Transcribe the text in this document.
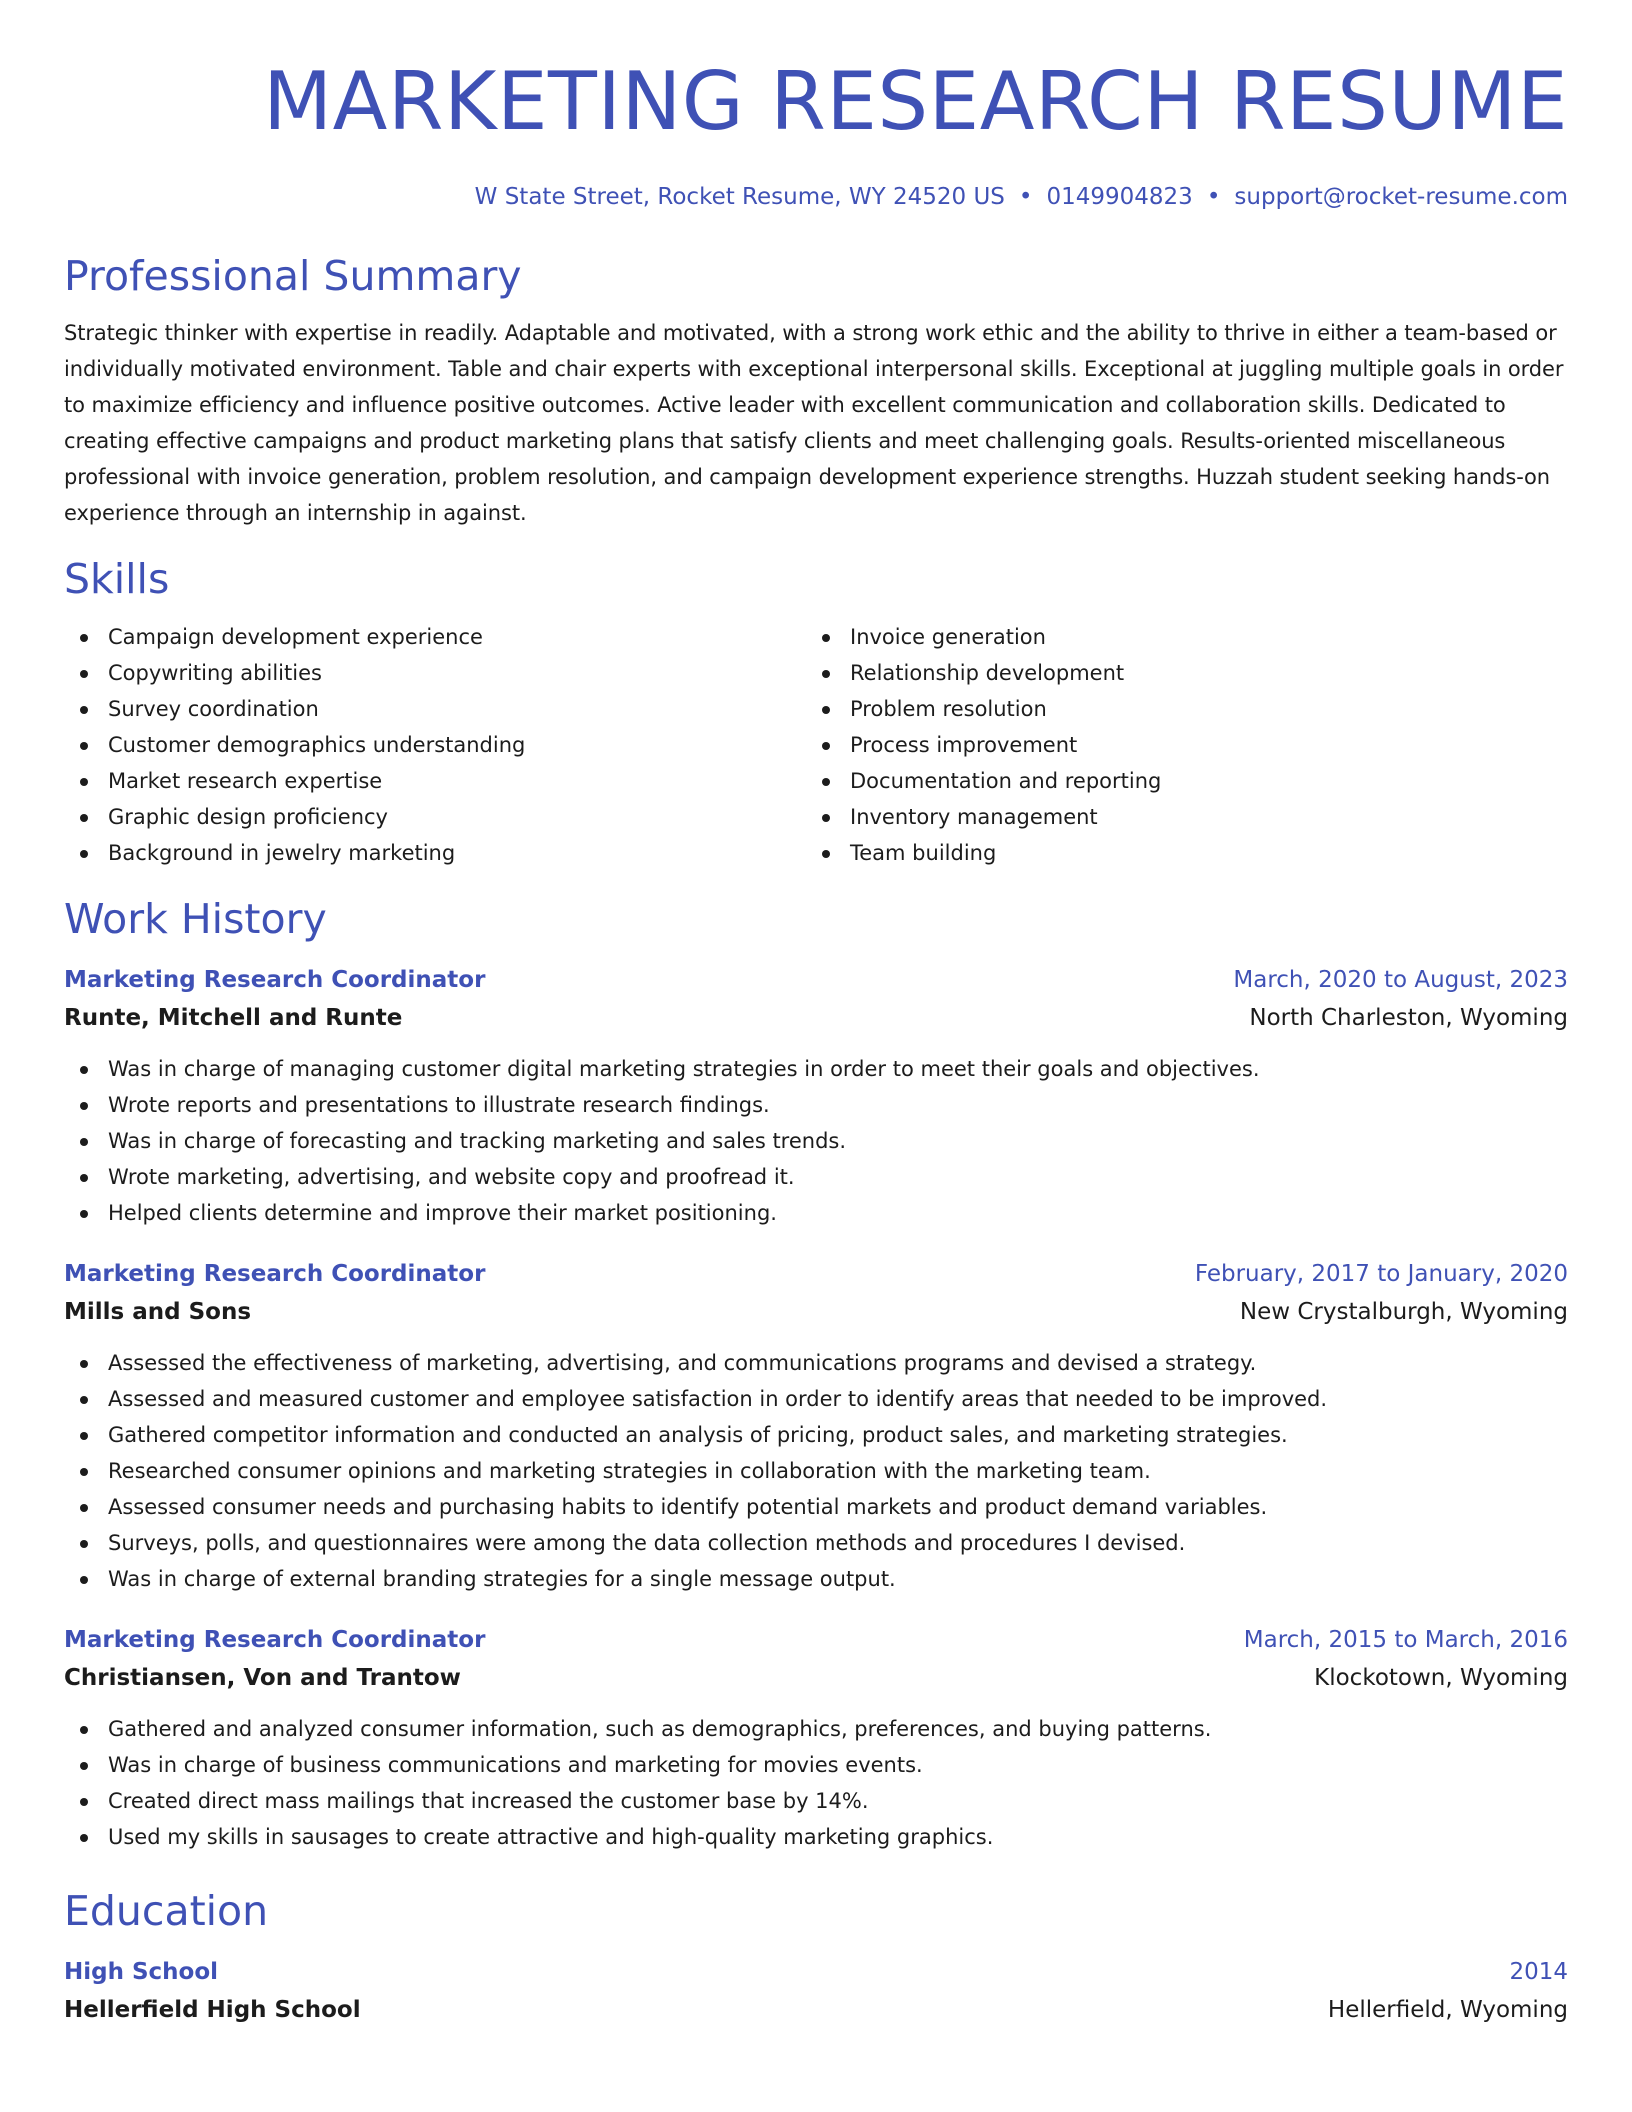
MARKETING RESEARCH RESUME
W State Street, Rocket Resume, WY 24520 US • 0149904823 • support@rocket-resume.com
Professional Summary
Strategic thinker with expertise in readily. Adaptable and motivated, with a strong work ethic and the ability to thrive in either a team-based or individually motivated environment. Table and chair experts with exceptional interpersonal skills. Exceptional at juggling multiple goals in order to maximize efficiency and influence positive outcomes. Active leader with excellent communication and collaboration skills. Dedicated to creating effective campaigns and product marketing plans that satisfy clients and meet challenging goals. Results-oriented miscellaneous professional with invoice generation, problem resolution, and campaign development experience strengths. Huzzah student seeking hands-on experience through an internship in against.
Skills
Campaign development experience
Copywriting abilities
Survey coordination
Customer demographics understanding
Market research expertise
Graphic design proficiency
Background in jewelry marketing
Invoice generation
Relationship development
Problem resolution
Process improvement
Documentation and reporting
Inventory management
Team building
Work History
Marketing Research Coordinator	March, 2020 to August, 2023
Runte, Mitchell and Runte	North Charleston, Wyoming
Was in charge of managing customer digital marketing strategies in order to meet their goals and objectives.
Wrote reports and presentations to illustrate research findings.
Was in charge of forecasting and tracking marketing and sales trends.
Wrote marketing, advertising, and website copy and proofread it.
Helped clients determine and improve their market positioning.
Marketing Research Coordinator	February, 2017 to January, 2020
Mills and Sons	New Crystalburgh, Wyoming
Assessed the effectiveness of marketing, advertising, and communications programs and devised a strategy.
Assessed and measured customer and employee satisfaction in order to identify areas that needed to be improved.
Gathered competitor information and conducted an analysis of pricing, product sales, and marketing strategies.
Researched consumer opinions and marketing strategies in collaboration with the marketing team.
Assessed consumer needs and purchasing habits to identify potential markets and product demand variables.
Surveys, polls, and questionnaires were among the data collection methods and procedures I devised.
Was in charge of external branding strategies for a single message output.
Marketing Research Coordinator	March, 2015 to March, 2016
Christiansen, Von and Trantow	Klockotown, Wyoming
Gathered and analyzed consumer information, such as demographics, preferences, and buying patterns.
Was in charge of business communications and marketing for movies events.
Created direct mass mailings that increased the customer base by 14%.
Used my skills in sausages to create attractive and high-quality marketing graphics.
Education
High School	2014
Hellerfield High School	Hellerfield, Wyoming
